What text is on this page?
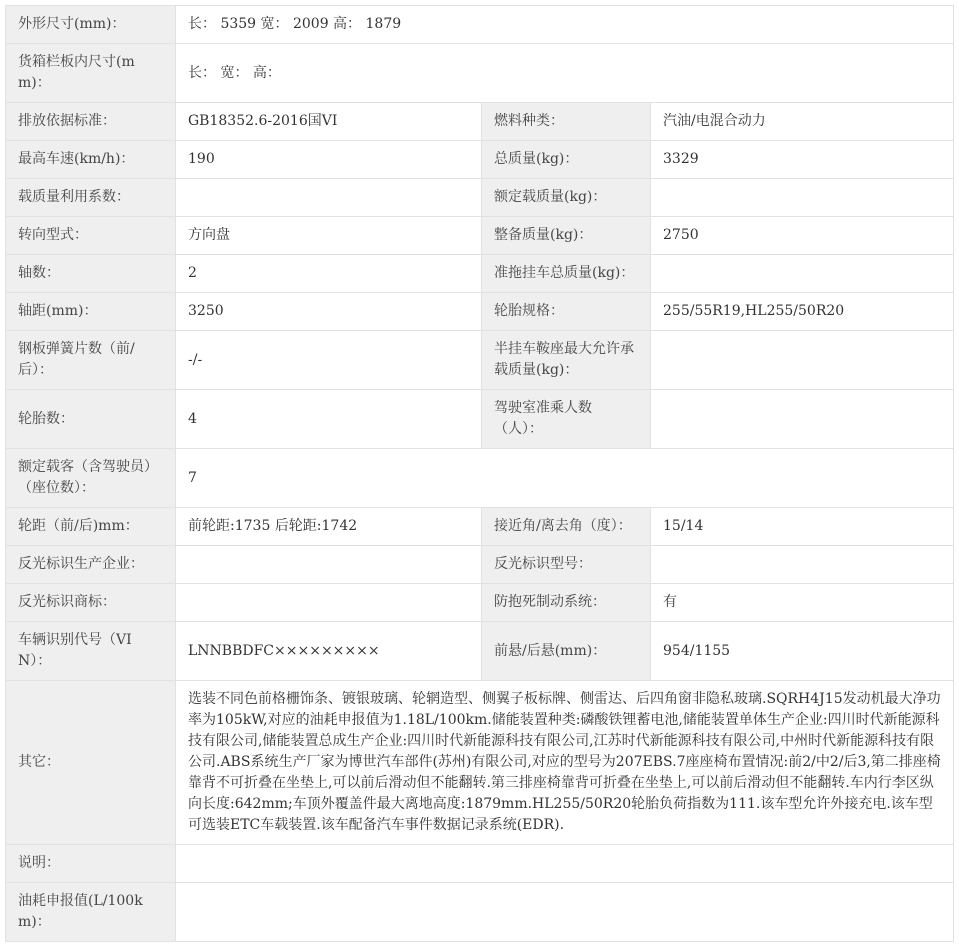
外形尺寸(mm)：	长： 5359 宽： 2009 高： 1879		
货箱栏板内尺寸(mm)：	长： 宽： 高：		
排放依据标准：	GB18352.6-2016国VI	燃料种类：	汽油/电混合动力
最高车速(km/h)：	190	总质量(kg)：	3329
载质量利用系数：		额定载质量(kg)：	
转向型式：	方向盘	整备质量(kg)：	2750
轴数：	2	准拖挂车总质量(kg)：	
轴距(mm)：	3250	轮胎规格：	255/55R19,HL255/50R20
钢板弹簧片数（前/后）：	-/-	半挂车鞍座最大允许承载质量(kg)：	
轮胎数：	4	驾驶室准乘人数（人）：	
额定载客（含驾驶员）（座位数）：	7		
轮距（前/后)mm：	前轮距:1735 后轮距:1742	接近角/离去角（度）：	15/14
反光标识生产企业：		反光标识型号：	
反光标识商标：		防抱死制动系统：	有
车辆识别代号（VIN）：	LNNBBDFC×××××××××	前悬/后悬(mm)：	954/1155
其它：	选装不同色前格栅饰条、镀银玻璃、轮辋造型、侧翼子板标牌、侧雷达、后四角窗非隐私玻璃.SQRH4J15发动机最大净功率为105kW,对应的油耗申报值为1.18L/100km.储能装置种类:磷酸铁锂蓄电池,储能装置单体生产企业:四川时代新能源科技有限公司,储能装置总成生产企业:四川时代新能源科技有限公司,江苏时代新能源科技有限公司,中州时代新能源科技有限公司.ABS系统生产厂家为博世汽车部件(苏州)有限公司,对应的型号为207EBS.7座座椅布置情况:前2/中2/后3,第二排座椅靠背不可折叠在坐垫上,可以前后滑动但不能翻转.第三排座椅靠背可折叠在坐垫上,可以前后滑动但不能翻转.车内行李区纵向长度:642mm;车顶外覆盖件最大离地高度:1879mm.HL255/50R20轮胎负荷指数为111.该车型允许外接充电.该车型可选装ETC车载装置.该车配备汽车事件数据记录系统(EDR).		
说明：			
油耗申报值(L/100km)：			
